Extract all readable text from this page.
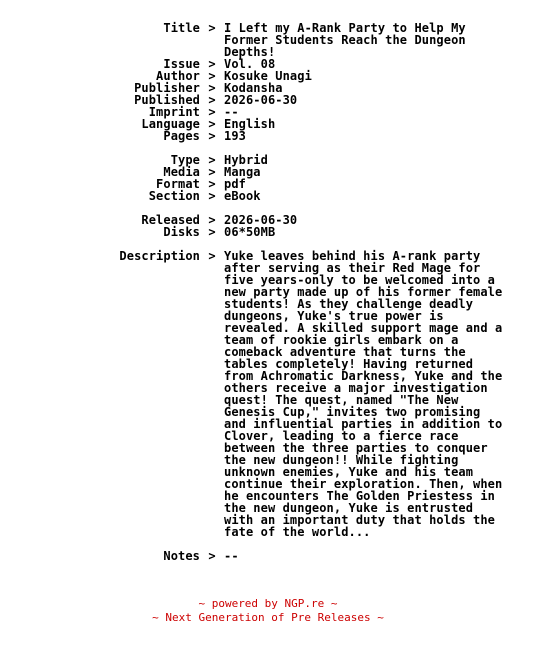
Title > I Left my A-Rank Party to Help My
Former Students Reach the Dungeon
Depths!
Issue > Vol. 08
Author > Kosuke Unagi
Publisher > Kodansha
Published > 2026-06-30
Imprint > --
Language > English
Pages > 193
Type > Hybrid
Media > Manga
Format > pdf
Section > eBook
Released > 2026-06-30
Disks > 06*50MB
Description > Yuke leaves behind his A-rank party
after serving as their Red Mage for
five years-only to be welcomed into a
new party made up of his former female
students! As they challenge deadly
dungeons, Yuke's true power is
revealed. A skilled support mage and a
team of rookie girls embark on a
comeback adventure that turns the
tables completely! Having returned
from Achromatic Darkness, Yuke and the
others receive a major investigation
quest! The quest, named "The New
Genesis Cup," invites two promising
and influential parties in addition to
Clover, leading to a fierce race
between the three parties to conquer
the new dungeon!! While fighting
unknown enemies, Yuke and his team
continue their exploration. Then, when
he encounters The Golden Priestess in
the new dungeon, Yuke is entrusted
with an important duty that holds the
fate of the world...
Notes > --
~ powered by NGP.re ~
~ Next Generation of Pre Releases ~
